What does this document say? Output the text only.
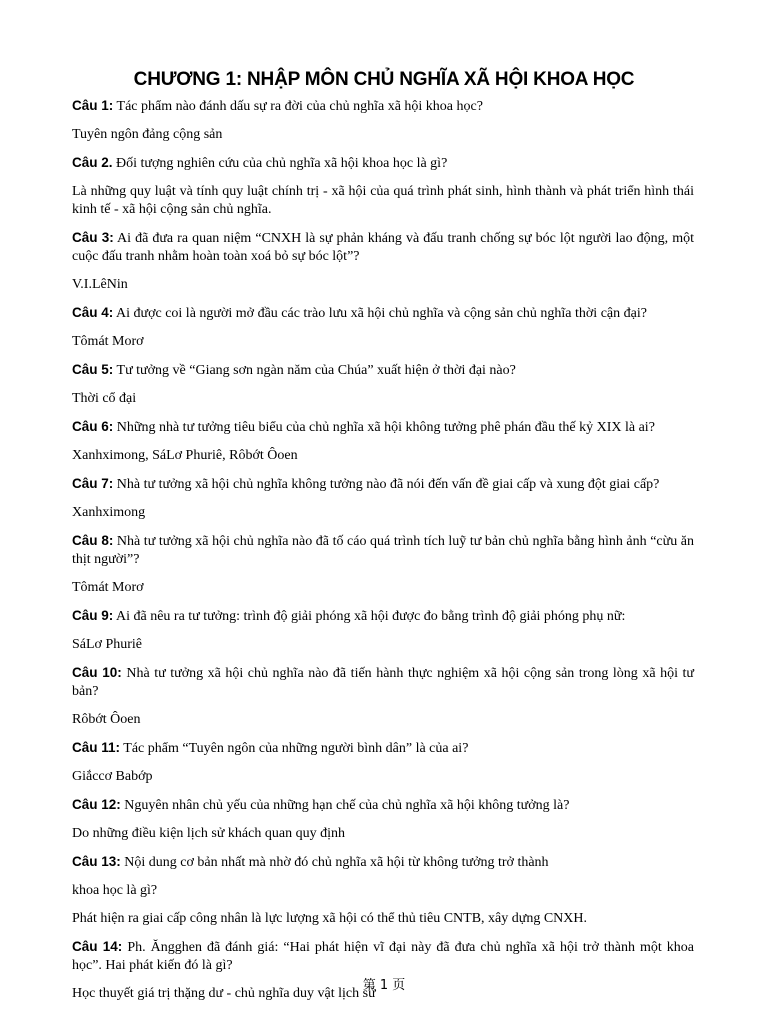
CHƯƠNG 1: NHẬP MÔN CHỦ NGHĨA XÃ HỘI KHOA HỌC

Câu 1: Tác phẩm nào đánh dấu sự ra đời của chủ nghĩa xã hội khoa học?

Tuyên ngôn đảng cộng sản

Câu 2. Đối tượng nghiên cứu của chủ nghĩa xã hội khoa học là gì?

Là những quy luật và tính quy luật chính trị - xã hội của quá trình phát sinh, hình thành và phát triển hình thái kinh tế - xã hội cộng sản chủ nghĩa.

Câu 3: Ai đã đưa ra quan niệm “CNXH là sự phản kháng và đấu tranh chống sự bóc lột người lao động, một cuộc đấu tranh nhằm hoàn toàn xoá bỏ sự bóc lột”?

V.I.LêNin

Câu 4: Ai được coi là người mở đầu các trào lưu xã hội chủ nghĩa và cộng sản chủ nghĩa thời cận đại?

Tômát Morơ

Câu 5: Tư tưởng về “Giang sơn ngàn năm của Chúa” xuất hiện ở thời đại nào?

Thời cổ đại

Câu 6: Những nhà tư tưởng tiêu biểu của chủ nghĩa xã hội không tưởng phê phán đầu thế kỷ XIX là ai?

Xanhximong, SáLơ Phuriê, Rôbớt Ôoen

Câu 7: Nhà tư tưởng xã hội chủ nghĩa không tưởng nào đã nói đến vấn đề giai cấp và xung đột giai cấp?

Xanhximong

Câu 8: Nhà tư tưởng xã hội chủ nghĩa nào đã tố cáo quá trình tích luỹ tư bản chủ nghĩa bằng hình ảnh “cừu ăn thịt người”?

Tômát Morơ

Câu 9: Ai đã nêu ra tư tưởng: trình độ giải phóng xã hội được đo bằng trình độ giải phóng phụ nữ:

SáLơ Phuriê

Câu 10: Nhà tư tưởng xã hội chủ nghĩa nào đã tiến hành thực nghiệm xã hội cộng sản trong lòng xã hội tư bản?

Rôbớt Ôoen

Câu 11: Tác phẩm “Tuyên ngôn của những người bình dân” là của ai?

Giắccơ Babớp

Câu 12: Nguyên nhân chủ yếu của những hạn chế của chủ nghĩa xã hội không tưởng là?

Do những điều kiện lịch sử khách quan quy định

Câu 13: Nội dung cơ bản nhất mà nhờ đó chủ nghĩa xã hội từ không tưởng trở thành

khoa học là gì?

Phát hiện ra giai cấp công nhân là lực lượng xã hội có thể thủ tiêu CNTB, xây dựng CNXH.

Câu 14: Ph. Ăngghen đã đánh giá: “Hai phát hiện vĩ đại này đã đưa chủ nghĩa xã hội trở thành một khoa học”. Hai phát kiến đó là gì?

Học thuyết giá trị thặng dư - chủ nghĩa duy vật lịch sử

第 1 页
